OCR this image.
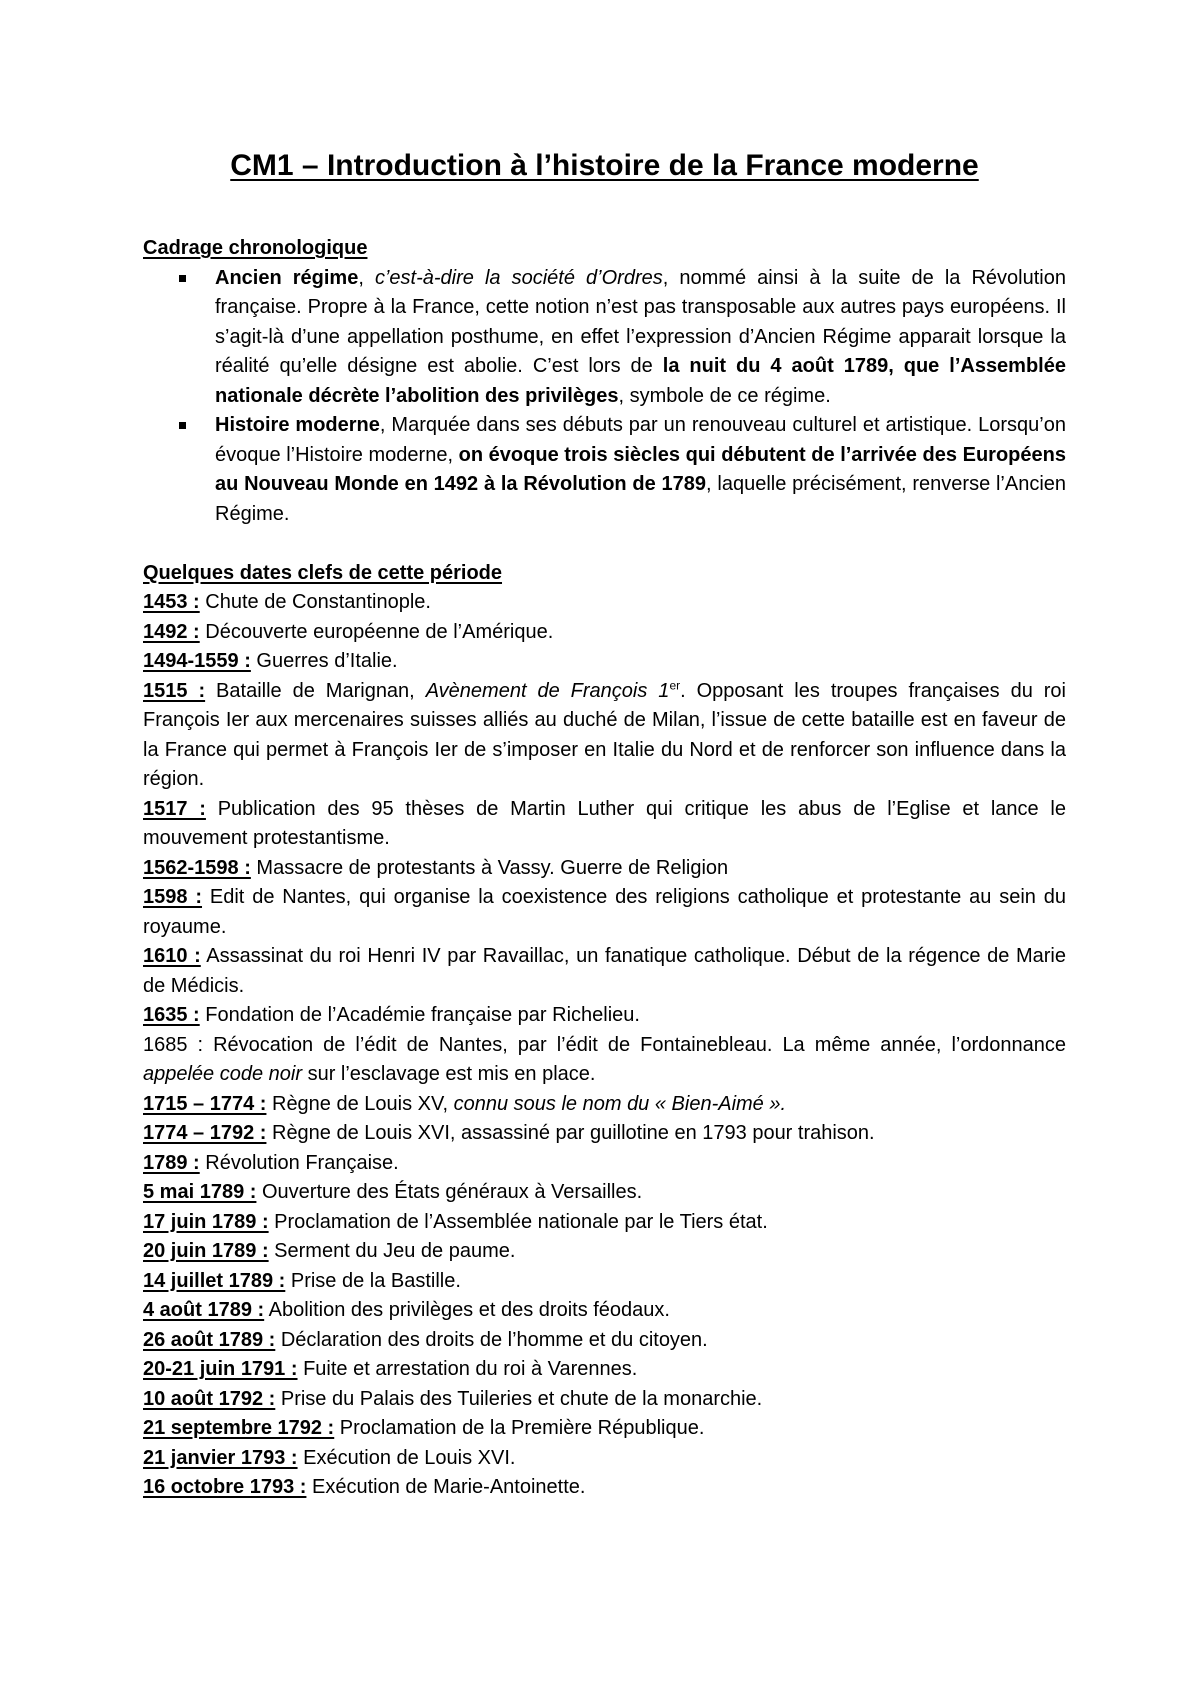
CM1 – Introduction à l’histoire de la France moderne

Cadrage chronologique

Ancien régime, c’est-à-dire la société d’Ordres, nommé ainsi à la suite de la Révolution française. Propre à la France, cette notion n’est pas transposable aux autres pays européens. Il s’agit-là d’une appellation posthume, en effet l’expression d’Ancien Régime apparait lorsque la réalité qu’elle désigne est abolie. C’est lors de la nuit du 4 août 1789, que l’Assemblée nationale décrète l’abolition des privilèges, symbole de ce régime.
Histoire moderne, Marquée dans ses débuts par un renouveau culturel et artistique. Lorsqu’on évoque l’Histoire moderne, on évoque trois siècles qui débutent de l’arrivée des Européens au Nouveau Monde en 1492 à la Révolution de 1789, laquelle précisément, renverse l’Ancien Régime.

Quelques dates clefs de cette période

1453 : Chute de Constantinople.

1492 : Découverte européenne de l’Amérique.

1494-1559 : Guerres d’Italie.

1515 : Bataille de Marignan, Avènement de François 1er. Opposant les troupes françaises du roi François Ier aux mercenaires suisses alliés au duché de Milan, l’issue de cette bataille est en faveur de la France qui permet à François Ier de s’imposer en Italie du Nord et de renforcer son influence dans la région.

1517 : Publication des 95 thèses de Martin Luther qui critique les abus de l’Eglise et lance le mouvement protestantisme.

1562-1598 : Massacre de protestants à Vassy. Guerre de Religion

1598 : Edit de Nantes, qui organise la coexistence des religions catholique et protestante au sein du royaume.

1610 : Assassinat du roi Henri IV par Ravaillac, un fanatique catholique. Début de la régence de Marie de Médicis.

1635 : Fondation de l’Académie française par Richelieu.

1685 : Révocation de l’édit de Nantes, par l’édit de Fontainebleau. La même année, l’ordonnance appelée code noir sur l’esclavage est mis en place.

1715 – 1774 : Règne de Louis XV, connu sous le nom du « Bien-Aimé ».

1774 – 1792 : Règne de Louis XVI, assassiné par guillotine en 1793 pour trahison.

1789 : Révolution Française.

5 mai 1789 : Ouverture des États généraux à Versailles.

17 juin 1789 : Proclamation de l’Assemblée nationale par le Tiers état.

20 juin 1789 : Serment du Jeu de paume.

14 juillet 1789 : Prise de la Bastille.

4 août 1789 : Abolition des privilèges et des droits féodaux.

26 août 1789 : Déclaration des droits de l’homme et du citoyen.

20-21 juin 1791 : Fuite et arrestation du roi à Varennes.

10 août 1792 : Prise du Palais des Tuileries et chute de la monarchie.

21 septembre 1792 : Proclamation de la Première République.

21 janvier 1793 : Exécution de Louis XVI.

16 octobre 1793 : Exécution de Marie-Antoinette.
